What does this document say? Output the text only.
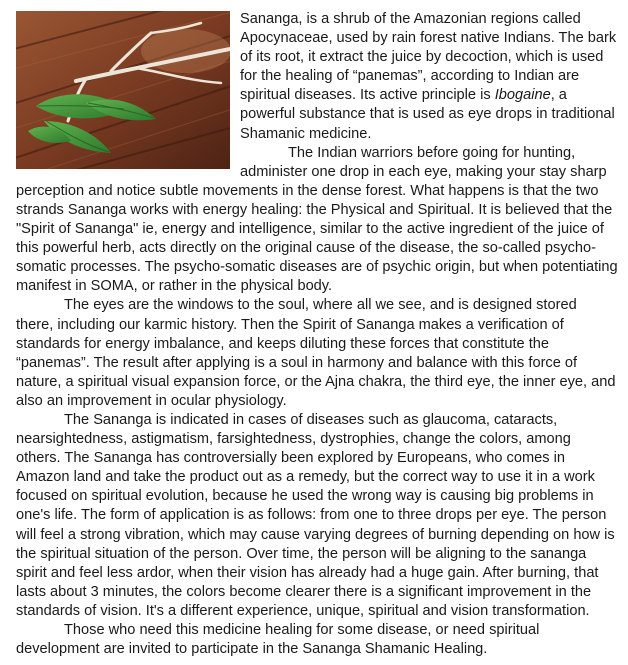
Sananga, is a shrub of the Amazonian regions called Apocynaceae, used by rain forest native Indians. The bark of its root, it extract the juice by decoction, which is used for the healing of “panemas”, according to Indian are spiritual diseases. Its active principle is Ibogaine, a powerful substance that is used as eye drops in traditional Shamanic medicine.

The Indian warriors before going for hunting, administer one drop in each eye, making your stay sharp perception and notice subtle movements in the dense forest. What happens is that the two strands Sananga works with energy healing: the Physical and Spiritual. It is believed that the "Spirit of Sananga" ie, energy and intelligence, similar to the active ingredient of the juice of this powerful herb, acts directly on the original cause of the disease, the so-called psycho-somatic processes. The psycho-somatic diseases are of psychic origin, but when potentiating manifest in SOMA, or rather in the physical body.

The eyes are the windows to the soul, where all we see, and is designed stored there, including our karmic history. Then the Spirit of Sananga makes a verification of standards for energy imbalance, and keeps diluting these forces that constitute the “panemas”. The result after applying is a soul in harmony and balance with this force of nature, a spiritual visual expansion force, or the Ajna chakra, the third eye, the inner eye, and also an improvement in ocular physiology.

The Sananga is indicated in cases of diseases such as glaucoma, cataracts, nearsightedness, astigmatism, farsightedness, dystrophies, change the colors, among others. The Sananga has controversially been explored by Europeans, who comes in Amazon land and take the product out as a remedy, but the correct way to use it in a work focused on spiritual evolution, because he used the wrong way is causing big problems in one's life. The form of application is as follows: from one to three drops per eye. The person will feel a strong vibration, which may cause varying degrees of burning depending on how is the spiritual situation of the person. Over time, the person will be aligning to the sananga spirit and feel less ardor, when their vision has already had a huge gain. After burning, that lasts about 3 minutes, the colors become clearer there is a significant improvement in the standards of vision. It's a different experience, unique, spiritual and vision transformation.

Those who need this medicine healing for some disease, or need spiritual development are invited to participate in the Sananga Shamanic Healing.
